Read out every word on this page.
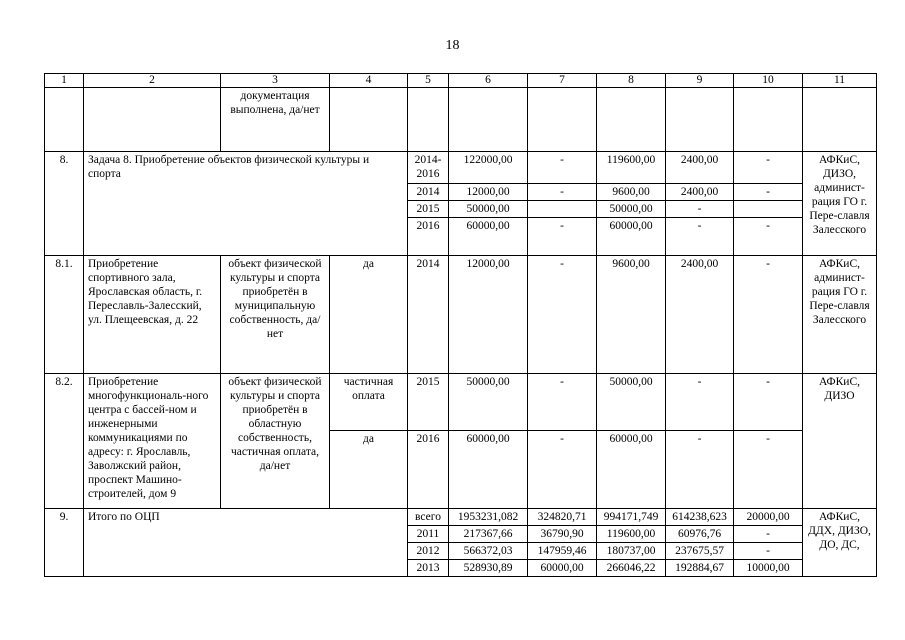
18
1	2	3	4	5	6	7	8	9	10	11
		документация выполнена, да/нет								
8.	Задача 8. Приобретение объектов физической культуры и спорта			2014-2016	122000,00	-	119600,00	2400,00	-	АФКиС, ДИЗО, админист-рация ГО г. Пере-славля Залесского
				2014	12000,00	-	9600,00	2400,00	-	
				2015	50000,00		50000,00	-		
				2016	60000,00	-	60000,00	-	-	
8.1.	Приобретение спортивного зала, Ярославская область, г. Переславль-Залесский, ул. Плещеевская, д. 22	объект физической культуры и спорта приобретён в муниципальную собственность, да/нет	да	2014	12000,00	-	9600,00	2400,00	-	АФКиС, админист-рация ГО г. Пере-славля Залесского
8.2.	Приобретение многофункциональ-ного центра с бассей-ном и инженерными коммуникациями по адресу: г. Ярославль, Заволжский район, проспект Машино-строителей, дом 9	объект физической культуры и спорта приобретён в областную собственность, частичная оплата, да/нет	частичная оплата	2015	50000,00	-	50000,00	-	-	АФКиС, ДИЗО
			да	2016	60000,00	-	60000,00	-	-	
9.	Итого по ОЦП			всего	1953231,082	324820,71	994171,749	614238,623	20000,00	АФКиС, ДДХ, ДИЗО, ДО, ДС,
				2011	217367,66	36790,90	119600,00	60976,76	-	
				2012	566372,03	147959,46	180737,00	237675,57	-	
				2013	528930,89	60000,00	266046,22	192884,67	10000,00	
